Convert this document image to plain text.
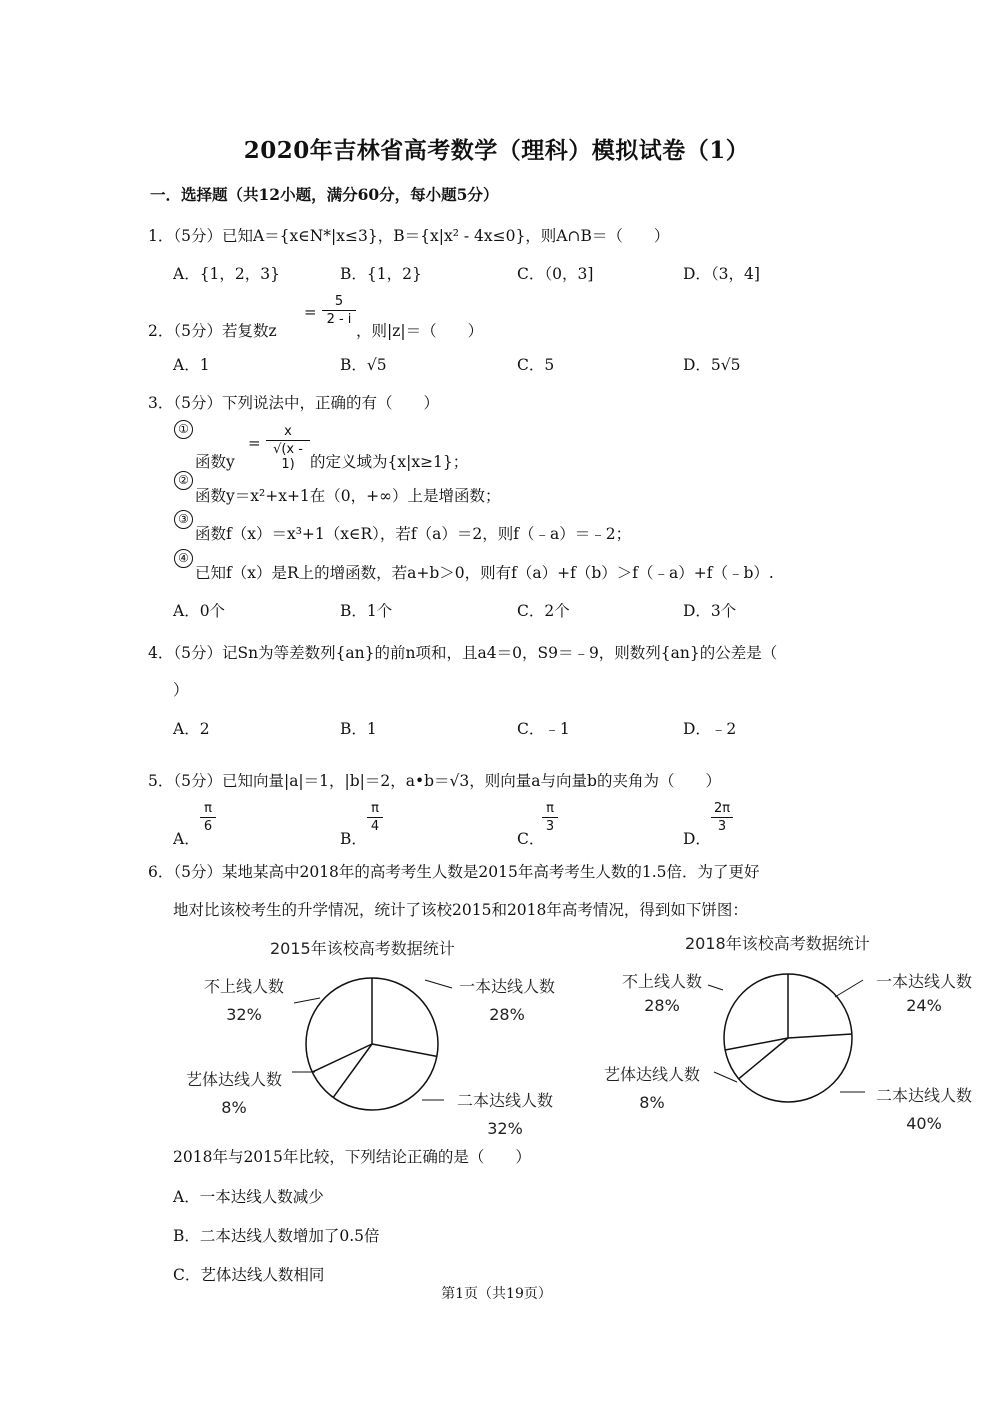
2020年吉林省高考数学（理科）模拟试卷（1）
一．选择题（共12小题，满分60分，每小题5分）
1．（5分）已知A＝{x∈N*|x≤3}，B＝{x|x² - 4x≤0}，则A∩B＝（　　）
A．{1，2，3}	B．{1，2}	C．（0，3]	D．（3，4]
2．（5分）若复数z
=
5
2 - i
，则|z|＝（　　）
A．1	B．√5	C．5	D．5√5
3．（5分）下列说法中，正确的有（　　）
①
函数y
=
x
√(x - 1) 的定义域为{x|x≥1}；
②
函数y＝x²+x+1在（0，+∞）上是增函数；
③
函数f（x）＝x³+1（x∈R），若f（a）＝2，则f（﹣a）＝﹣2；
④
已知f（x）是R上的增函数，若a+b＞0，则有f（a）+f（b）＞f（﹣a）+f（﹣b）.
A．0个	B．1个	C．2个	D．3个
4．（5分）记Sn为等差数列{an}的前n项和，且a4＝0，S9＝﹣9，则数列{an}的公差是（
）
A．2	B．1	C．﹣1	D．﹣2
5．（5分）已知向量|a|＝1，|b|＝2，a•b＝√3，则向量a与向量b的夹角为（　　）
A．
π
6
B．
π
4
C．
π
3
D．
2π
3
6．（5分）某地某高中2018年的高考考生人数是2015年高考考生人数的1.5倍．为了更好
地对比该校考生的升学情况，统计了该校2015和2018年高考情况，得到如下饼图：
2015年该校高考数据统计
不上线人数
32%
一本达线人数
28%
艺体达线人数
8%	二本达线人数
32%
2018年该校高考数据统计
不上线人数
28%
一本达线人数
24%
艺体达线人数
8%	二本达线人数
40%
2018年与2015年比较，下列结论正确的是（　　）
A．一本达线人数减少
B．二本达线人数增加了0.5倍
C．艺体达线人数相同
第1页（共19页）
